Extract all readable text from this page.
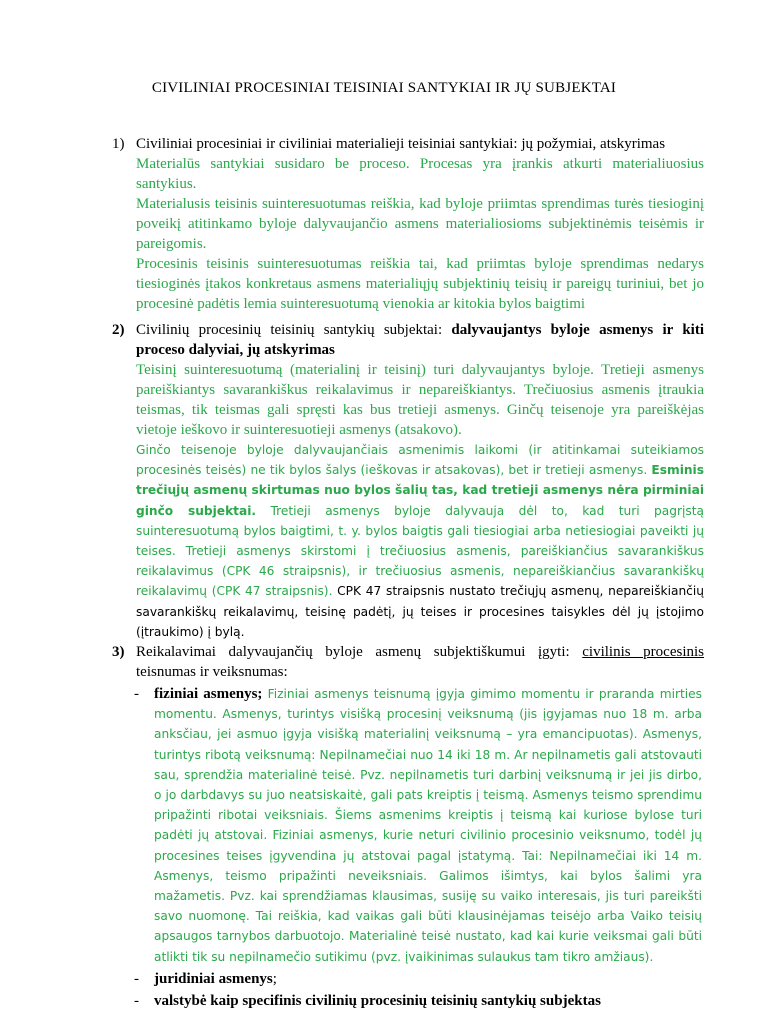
CIVILINIAI PROCESINIAI TEISINIAI SANTYKIAI IR JŲ SUBJEKTAI
1) Civiliniai procesiniai ir civiliniai materialieji teisiniai santykiai: jų požymiai, atskyrimas

Materialūs santykiai susidaro be proceso. Procesas yra įrankis atkurti materialiuosius santykius.

Materialusis teisinis suinteresuotumas reiškia, kad byloje priimtas sprendimas turės tiesioginį poveikį atitinkamo byloje dalyvaujančio asmens materialiosioms subjektinėmis teisėmis ir pareigomis.

Procesinis teisinis suinteresuotumas reiškia tai, kad priimtas byloje sprendimas nedarys tiesioginės įtakos konkretaus asmens materialiųjų subjektinių teisių ir pareigų turiniui, bet jo procesinė padėtis lemia suinteresuotumą vienokia ar kitokia bylos baigtimi

2) Civilinių procesinių teisinių santykių subjektai: dalyvaujantys byloje asmenys ir kiti proceso dalyviai, jų atskyrimas

Teisinį suinteresuotumą (materialinį ir teisinį) turi dalyvaujantys byloje. Tretieji asmenys pareiškiantys savarankiškus reikalavimus ir nepareiškiantys. Trečiuosius asmenis įtraukia teismas, tik teismas gali spręsti kas bus tretieji asmenys. Ginčų teisenoje yra pareiškėjas vietoje ieškovo ir suinteresuotieji asmenys (atsakovo).

Ginčo teisenoje byloje dalyvaujančiais asmenimis laikomi (ir atitinkamai suteikiamos procesinės teisės) ne tik bylos šalys (ieškovas ir atsakovas), bet ir tretieji asmenys. Esminis trečiųjų asmenų skirtumas nuo bylos šalių tas, kad tretieji asmenys nėra pirminiai ginčo subjektai. Tretieji asmenys byloje dalyvauja dėl to, kad turi pagrįstą suinteresuotumą bylos baigtimi, t. y. bylos baigtis gali tiesiogiai arba netiesiogiai paveikti jų teises. Tretieji asmenys skirstomi į trečiuosius asmenis, pareiškiančius savarankiškus reikalavimus (CPK 46 straipsnis), ir trečiuosius asmenis, nepareiškiančius savarankiškų reikalavimų (CPK 47 straipsnis). CPK 47 straipsnis nustato trečiųjų asmenų, nepareiškiančių savarankiškų reikalavimų, teisinę padėtį, jų teises ir procesines taisykles dėl jų įstojimo (įtraukimo) į bylą.

3) Reikalavimai dalyvaujančių byloje asmenų subjektiškumui įgyti: civilinis procesinis teisnumas ir veiksnumas:

- fiziniai asmenys; Fiziniai asmenys teisnumą įgyja gimimo momentu ir praranda mirties momentu. Asmenys, turintys visišką procesinį veiksnumą (jis įgyjamas nuo 18 m. arba anksčiau, jei asmuo įgyja visišką materialinį veiksnumą – yra emancipuotas). Asmenys, turintys ribotą veiksnumą: Nepilnamečiai nuo 14 iki 18 m. Ar nepilnametis gali atstovauti sau, sprendžia materialinė teisė. Pvz. nepilnametis turi darbinį veiksnumą ir jei jis dirbo, o jo darbdavys su juo neatsiskaitė, gali pats kreiptis į teismą. Asmenys teismo sprendimu pripažinti ribotai veiksniais. Šiems asmenims kreiptis į teismą kai kuriose bylose turi padėti jų atstovai. Fiziniai asmenys, kurie neturi civilinio procesinio veiksnumo, todėl jų procesines teises įgyvendina jų atstovai pagal įstatymą. Tai: Nepilnamečiai iki 14 m. Asmenys, teismo pripažinti neveiksniais. Galimos išimtys, kai bylos šalimi yra mažametis. Pvz. kai sprendžiamas klausimas, susiję su vaiko interesais, jis turi pareikšti savo nuomonę. Tai reiškia, kad vaikas gali būti klausinėjamas teisėjo arba Vaiko teisių apsaugos tarnybos darbuotojo. Materialinė teisė nustato, kad kai kurie veiksmai gali būti atlikti tik su nepilnamečio sutikimu (pvz. įvaikinimas sulaukus tam tikro amžiaus).

- juridiniai asmenys;

- valstybė kaip specifinis civilinių procesinių teisinių santykių subjektas
